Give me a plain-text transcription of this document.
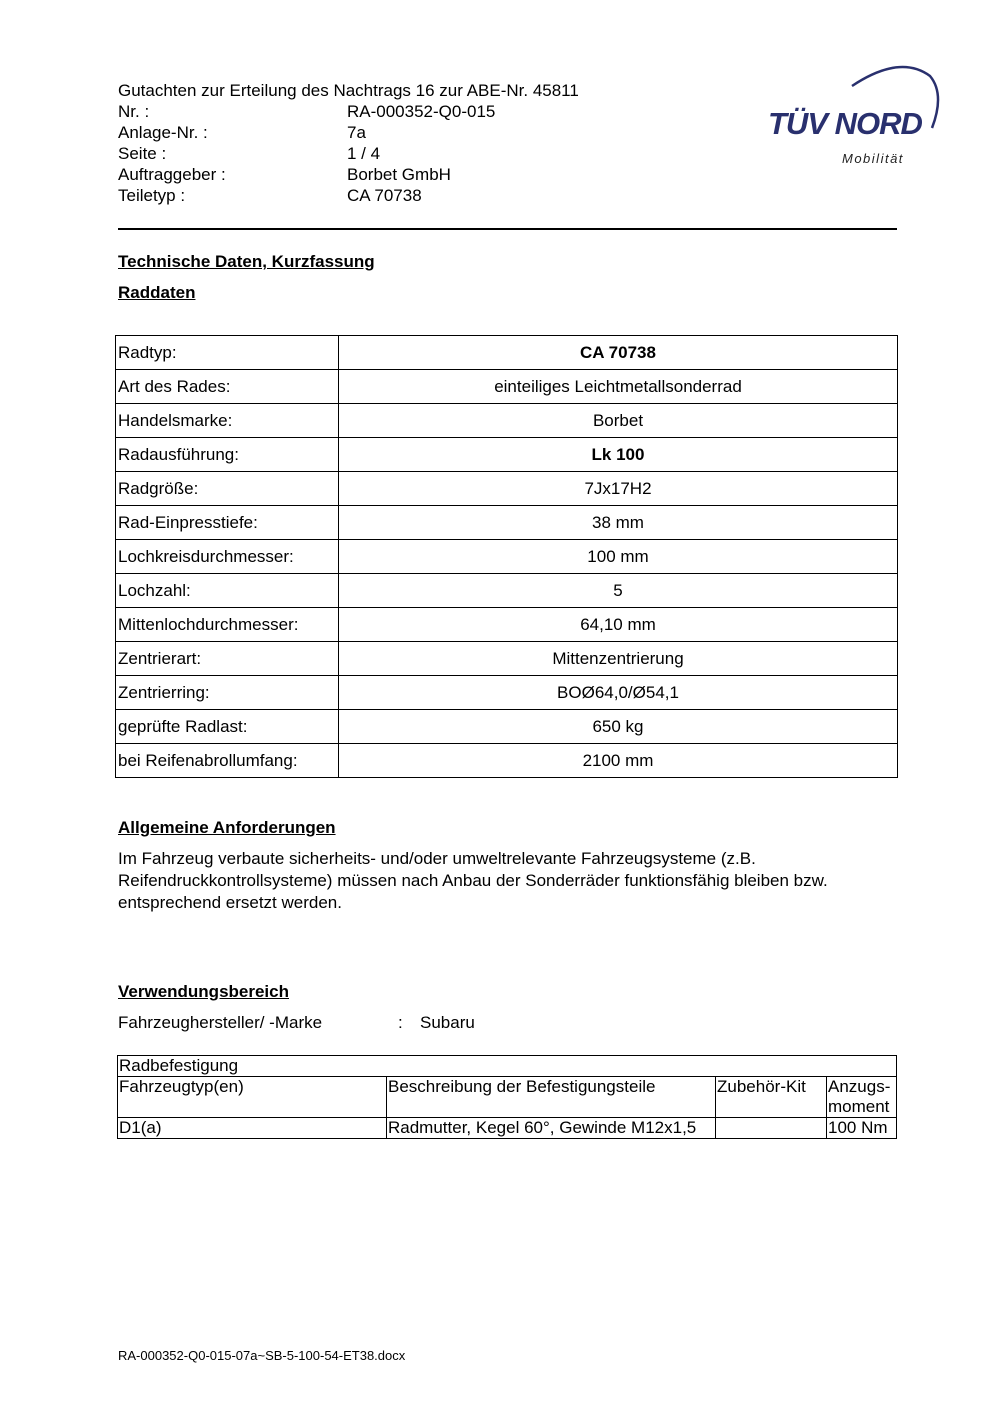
Gutachten zur Erteilung des Nachtrags 16 zur ABE-Nr. 45811
Nr. :	RA-000352-Q0-015
Anlage-Nr. :	7a
Seite :	1 / 4
Auftraggeber :	Borbet GmbH
Teiletyp :	CA 70738
TÜV NORD
Mobilität
Technische Daten, Kurzfassung
Raddaten
Radtyp:	CA 70738
Art des Rades:	einteiliges Leichtmetallsonderrad
Handelsmarke:	Borbet
Radausführung:	Lk 100
Radgröße:	7Jx17H2
Rad-Einpresstiefe:	38 mm
Lochkreisdurchmesser:	100 mm
Lochzahl:	5
Mittenlochdurchmesser:	64,10 mm
Zentrierart:	Mittenzentrierung
Zentrierring:	BOØ64,0/Ø54,1
geprüfte Radlast:	650 kg
bei Reifenabrollumfang:	2100 mm
Allgemeine Anforderungen
Im Fahrzeug verbaute sicherheits- und/oder umweltrelevante Fahrzeugsysteme (z.B. Reifendruckkontrollsysteme) müssen nach Anbau der Sonderräder funktionsfähig bleiben bzw. entsprechend ersetzt werden.
Verwendungsbereich
Fahrzeughersteller/ -Marke	:	Subaru
Radbefestigung			
Fahrzeugtyp(en)	Beschreibung der Befestigungsteile	Zubehör-Kit	Anzugs-moment
D1(a)	Radmutter, Kegel 60°, Gewinde M12x1,5		100 Nm
RA-000352-Q0-015-07a~SB-5-100-54-ET38.docx
